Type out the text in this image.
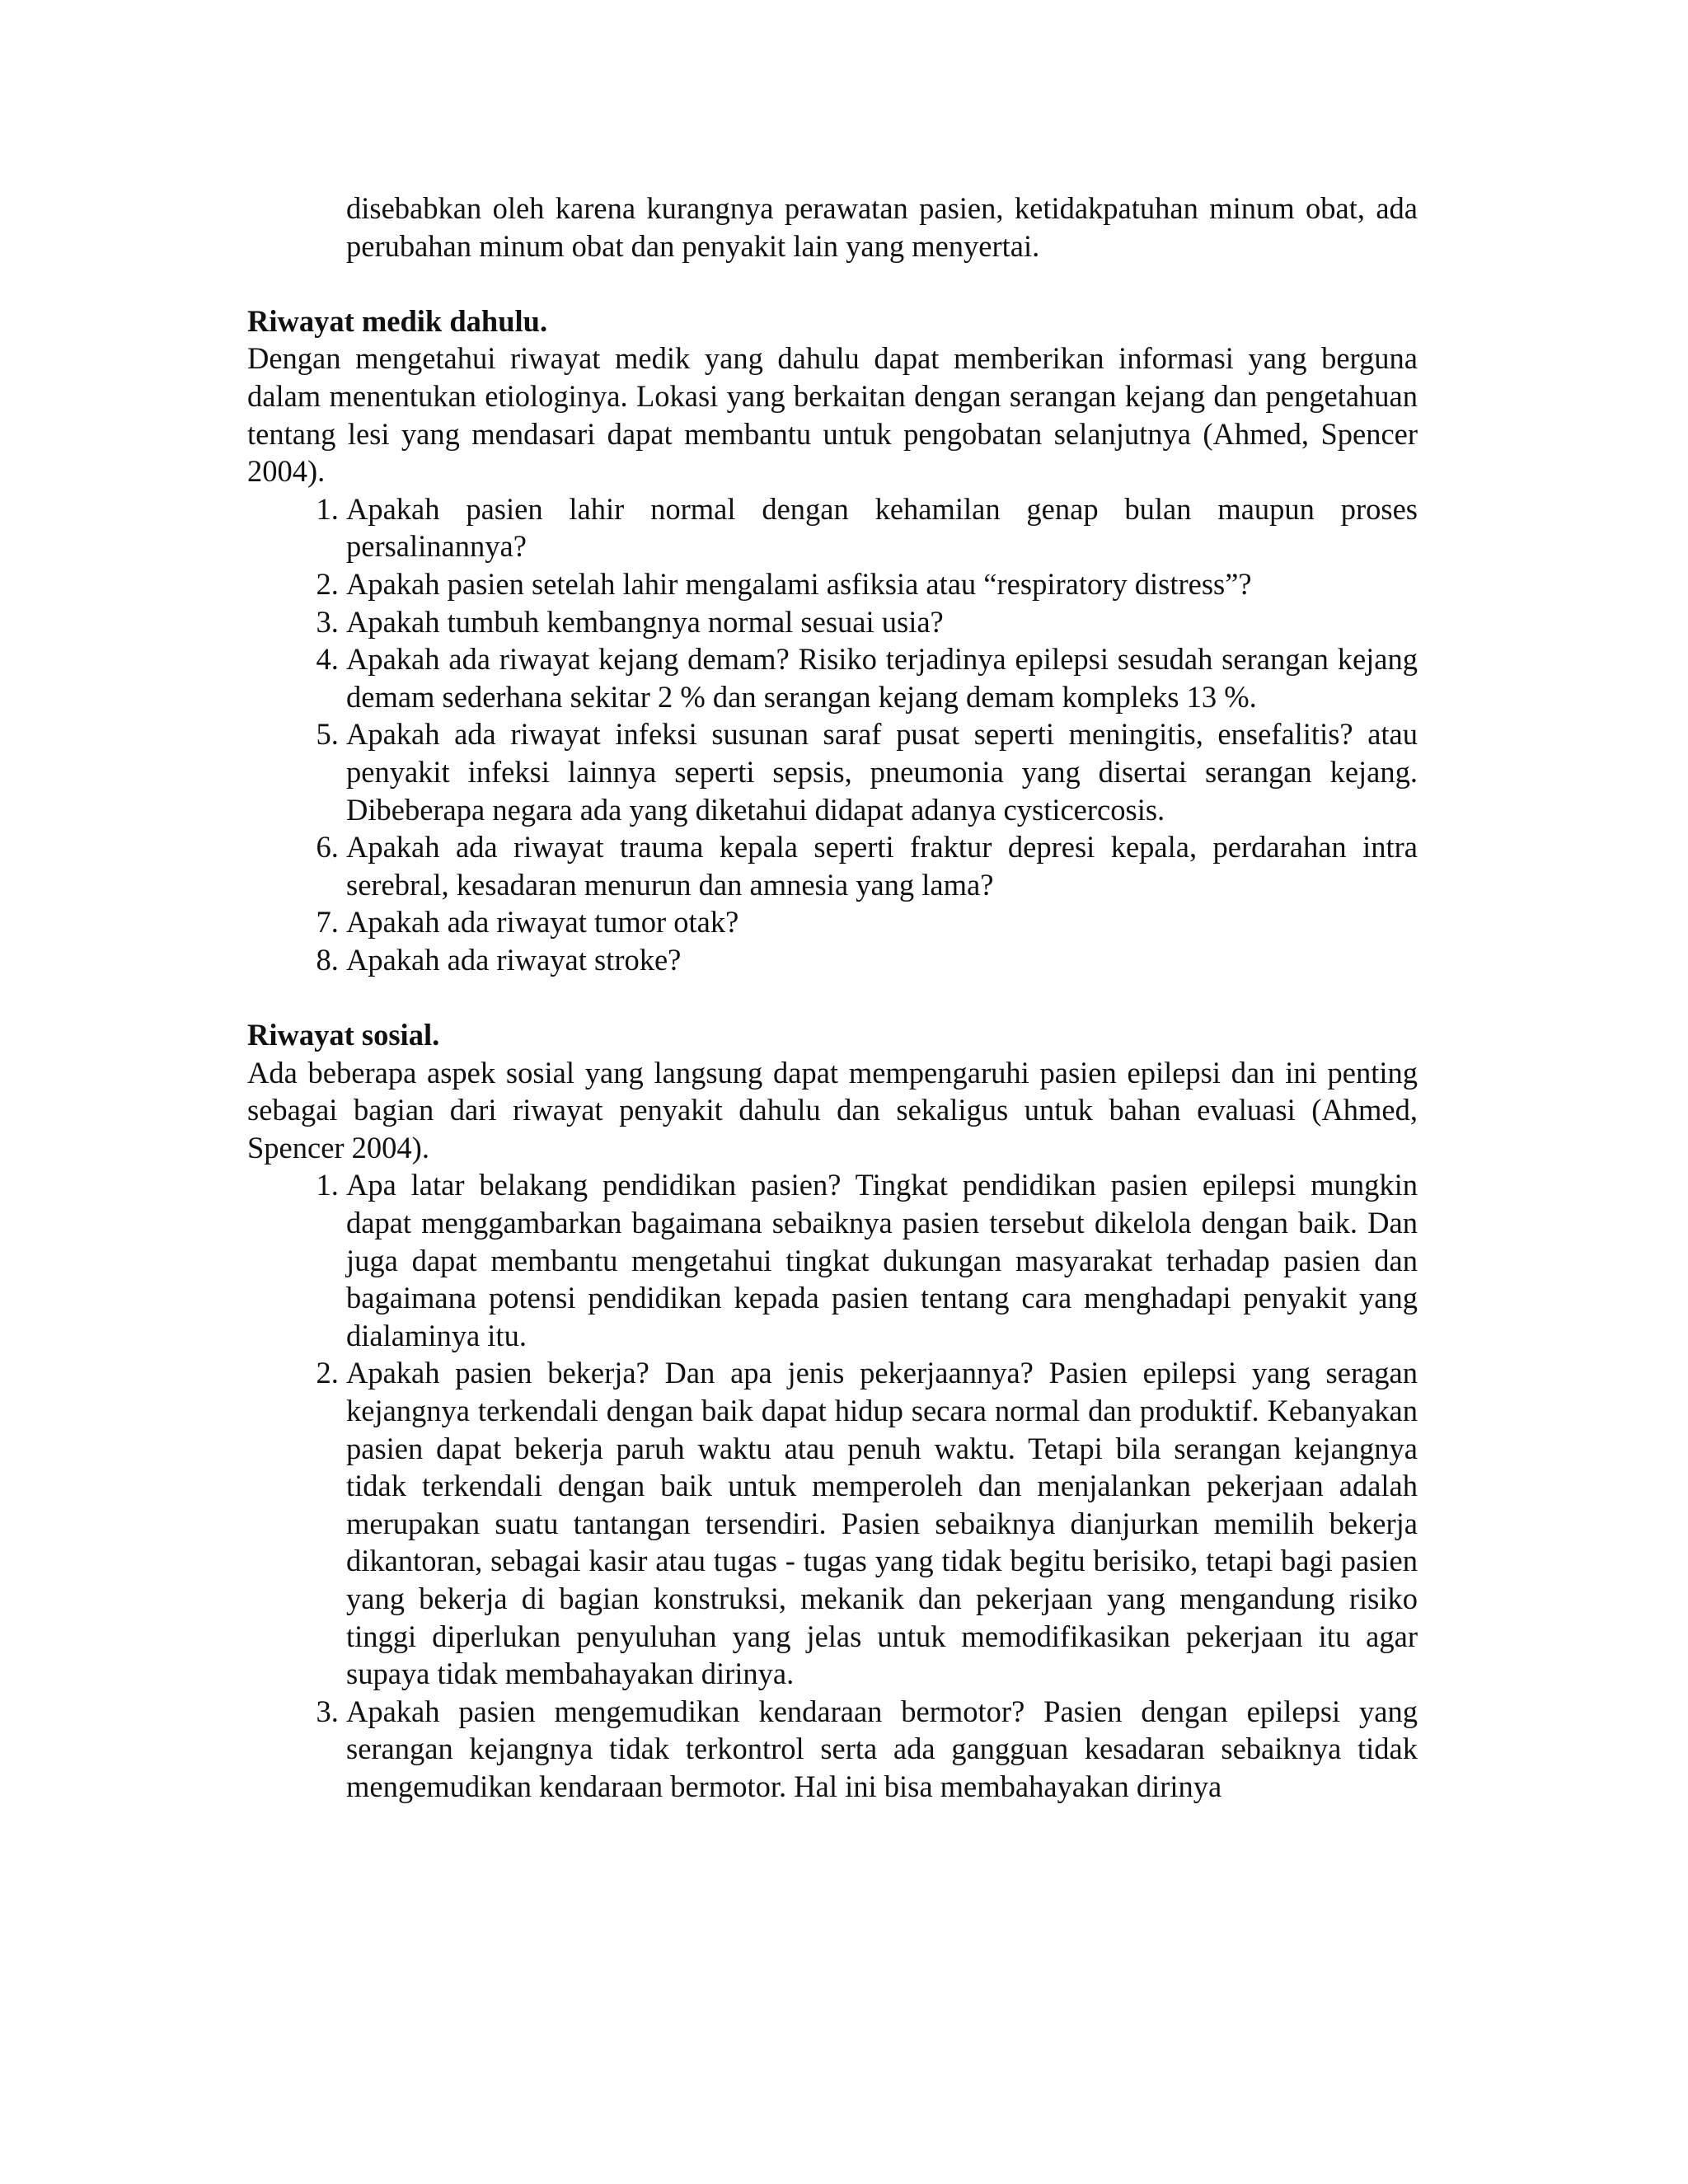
disebabkan oleh karena kurangnya perawatan pasien, ketidakpatuhan minum obat, ada perubahan minum obat dan penyakit lain yang menyertai.

Riwayat medik dahulu.

Dengan mengetahui riwayat medik yang dahulu dapat memberikan informasi yang berguna dalam menentukan etiologinya. Lokasi yang berkaitan dengan serangan kejang dan pengetahuan tentang lesi yang mendasari dapat membantu untuk pengobatan selanjutnya (Ahmed, Spencer 2004).

1. Apakah pasien lahir normal dengan kehamilan genap bulan maupun proses persalinannya?
2. Apakah pasien setelah lahir mengalami asfiksia atau “respiratory distress”?
3. Apakah tumbuh kembangnya normal sesuai usia?
4. Apakah ada riwayat kejang demam? Risiko terjadinya epilepsi sesudah serangan kejang demam sederhana sekitar 2 % dan serangan kejang demam kompleks 13 %.
5. Apakah ada riwayat infeksi susunan saraf pusat seperti meningitis, ensefalitis? atau penyakit infeksi lainnya seperti sepsis, pneumonia yang disertai serangan kejang. Dibeberapa negara ada yang diketahui didapat adanya cysticercosis.
6. Apakah ada riwayat trauma kepala seperti fraktur depresi kepala, perdarahan intra serebral, kesadaran menurun dan amnesia yang lama?
7. Apakah ada riwayat tumor otak?
8. Apakah ada riwayat stroke?
Riwayat sosial.

Ada beberapa aspek sosial yang langsung dapat mempengaruhi pasien epilepsi dan ini penting sebagai bagian dari riwayat penyakit dahulu dan sekaligus untuk bahan evaluasi (Ahmed, Spencer 2004).

1. Apa latar belakang pendidikan pasien? Tingkat pendidikan pasien epilepsi mungkin dapat menggambarkan bagaimana sebaiknya pasien tersebut dikelola dengan baik. Dan juga dapat membantu mengetahui tingkat dukungan masyarakat terhadap pasien dan bagaimana potensi pendidikan kepada pasien tentang cara menghadapi penyakit yang dialaminya itu.
2. Apakah pasien bekerja? Dan apa jenis pekerjaannya? Pasien epilepsi yang seragan kejangnya terkendali dengan baik dapat hidup secara normal dan produktif. Kebanyakan pasien dapat bekerja paruh waktu atau penuh waktu. Tetapi bila serangan kejangnya tidak terkendali dengan baik untuk memperoleh dan menjalankan pekerjaan adalah merupakan suatu tantangan tersendiri. Pasien sebaiknya dianjurkan memilih bekerja dikantoran, sebagai kasir atau tugas - tugas yang tidak begitu berisiko, tetapi bagi pasien yang bekerja di bagian konstruksi, mekanik dan pekerjaan yang mengandung risiko tinggi diperlukan penyuluhan yang jelas untuk memodifikasikan pekerjaan itu agar supaya tidak membahayakan dirinya.
3. Apakah pasien mengemudikan kendaraan bermotor? Pasien dengan epilepsi yang serangan kejangnya tidak terkontrol serta ada gangguan kesadaran sebaiknya tidak mengemudikan kendaraan bermotor. Hal ini bisa membahayakan dirinya
